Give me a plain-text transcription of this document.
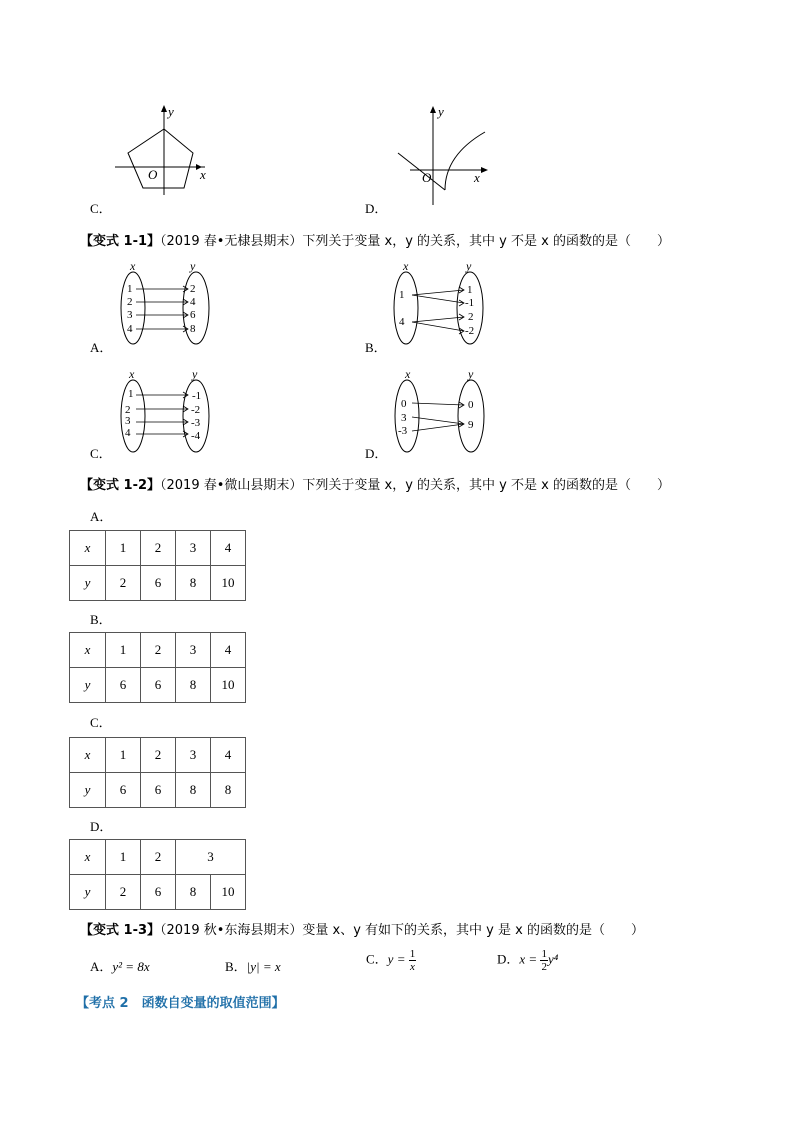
y
x
O
C．
y
x
O
D．
【变式 1-1】（2019 春•无棣县期末）下列关于变量 x，y 的关系，其中 y 不是 x 的函数的是（　　）
x	y
1
2
3
4
2
4
6
8
A．
x	y
1
4
1
-1
2
-2
B．
x	y
1
2
3
4
-1
-2
-3
-4
C．
x	y
0
3
-3
0
9
D．
【变式 1-2】（2019 春•微山县期末）下列关于变量 x，y 的关系，其中 y 不是 x 的函数的是（　　）
A．
x	1	2	3	4
y	2	6	8	10
B．
x	1	2	3	4
y	6	6	8	10
C．
x	1	2	3	4
y	6	6	8	8
D．
x	1	2	3	
y	2	6	8	10
【变式 1-3】（2019 秋•东海县期末）变量 x、y 有如下的关系，其中 y 是 x 的函数的是（　　）
A．y² = 8x	B．|y| = x
C．$y = \frac{1}{x}$	D．$x = \frac{1}{2} y^4$
【考点 2　函数自变量的取值范围】
